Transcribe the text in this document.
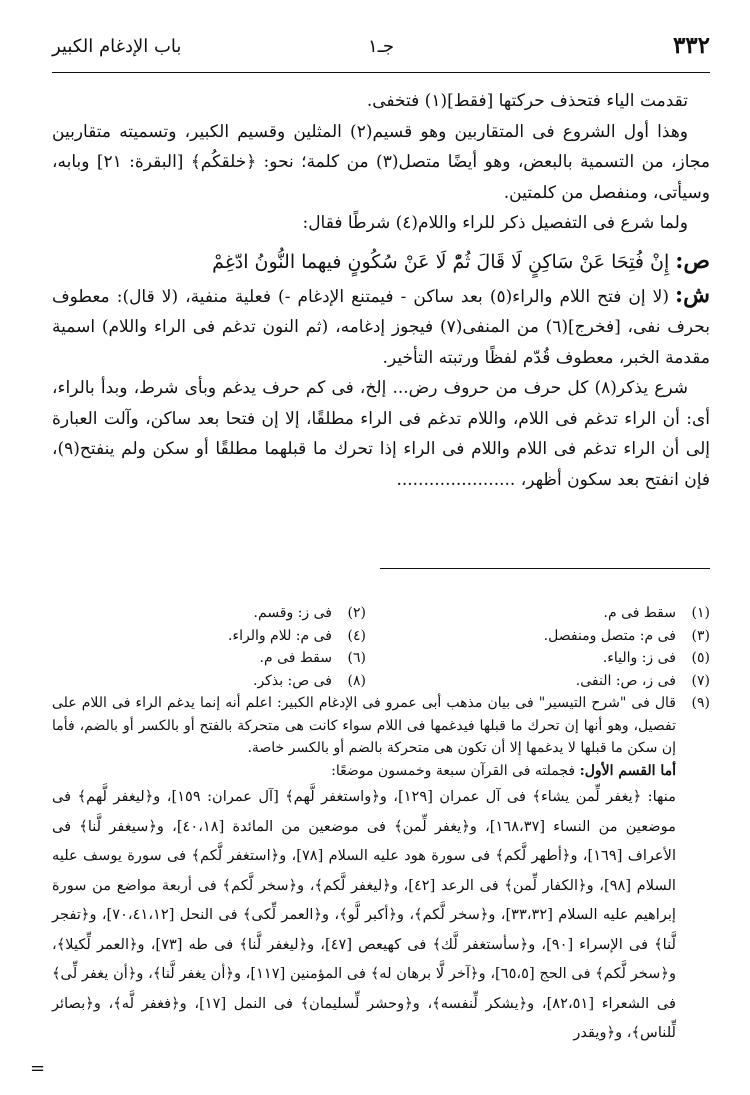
٣٣٢
جـ١
باب الإدغام الكبير

تقدمت الياء فتحذف حركتها [فقط](١) فتخفى.

وهذا أول الشروع فى المتقاربين وهو قسيم(٢) المثلين وقسيم الكبير، وتسميته متقاربين مجاز، من التسمية بالبعض، وهو أيضًا متصل(٣) من كلمة؛ نحو: ﴿خلقكُم﴾ [البقرة: ٢١] وبابه، وسيأتى، ومنفصل من كلمتين.

ولما شرع فى التفصيل ذكر للراء واللام(٤) شرطًا فقال:

ص:إِنْ فُتِحَا عَنْ سَاكِنٍ لَا قَالَ ثُمّْ لَا عَنْ سُكُونٍ فيهما النُّونُ ادّغِمْ

ش:(لا إن فتح اللام والراء(٥) بعد ساكن - فيمتنع الإدغام -) فعلية منفية، (لا قال): معطوف بحرف نفى، [فخرج](٦) من المنفى(٧) فيجوز إدغامه، (ثم النون تدغم فى الراء واللام) اسمية مقدمة الخبر، معطوف قُدّم لفظًا ورتبته التأخير.

شرع يذكر(٨) كل حرف من حروف رض... إلخ، فى كم حرف يدغم وبأى شرط، وبدأ بالراء، أى: أن الراء تدغم فى اللام، واللام تدغم فى الراء مطلقًا، إلا إن فتحا بعد ساكن، وآلت العبارة إلى أن الراء تدغم فى اللام واللام فى الراء إذا تحرك ما قبلهما مطلقًا أو سكن ولم ينفتح(٩)، فإن انفتح بعد سكون أظهر، ......................

(١)
سقط فى م.
(٢)
فى ز: وقسم.
(٣)
فى م: متصل ومنفصل.
(٤)
فى م: للام والراء.
(٥)
فى ز: والياء.
(٦)
سقط فى م.
(٧)
فى ز، ص: النفى.
(٨)
فى ص: بذكر.
(٩)

قال فى "شرح التيسير" فى بيان مذهب أبى عمرو فى الإدغام الكبير: اعلم أنه إنما يدغم الراء فى اللام على تفصيل، وهو أنها إن تحرك ما قبلها فيدغمها فى اللام سواء كانت هى متحركة بالفتح أو بالكسر أو بالضم، فأما إن سكن ما قبلها لا يدغمها إلا أن تكون هى متحركة بالضم أو بالكسر خاصة.

أما القسم الأول: فجملته فى القرآن سبعة وخمسون موضعًا:

منها: ﴿يغفر لِّمن يشاء﴾ فى آل عمران [١٢٩]، و﴿واستغفر لَّهم﴾ [آل عمران: ١٥٩]، و﴿ليغفر لَّهم﴾ فى موضعين من النساء [١٦٨،٣٧]، و﴿يغفر لِّمن﴾ فى موضعين من المائدة [٤٠،١٨]، و﴿سيغفر لَّنا﴾ فى الأعراف [١٦٩]، و﴿أطهر لَّكم﴾ فى سورة هود عليه السلام [٧٨]، و﴿استغفر لَّكم﴾ فى سورة يوسف عليه السلام [٩٨]، و﴿الكفار لِّمن﴾ فى الرعد [٤٢]، و﴿ليغفر لَّكم﴾، و﴿سخر لَّكم﴾ فى أربعة مواضع من سورة إبراهيم عليه السلام [٣٣،٣٢]، و﴿سخر لَّكم﴾، و﴿أكبر لَّو﴾، و﴿العمر لِّكى﴾ فى النحل [٧٠،٤١،١٢]، و﴿تفجر لَّنا﴾ فى الإسراء [٩٠]، و﴿سأستغفر لَّك﴾ فى كهيعص [٤٧]، و﴿ليغفر لَّنا﴾ فى طه [٧٣]، و﴿العمر لِّكيلا﴾، و﴿سخر لَّكم﴾ فى الحج [٦٥،٥]، و﴿آخر لَّا برهان له﴾ فى المؤمنين [١١٧]، و﴿أن يغفر لَّنا﴾، و﴿أن يغفر لِّى﴾ فى الشعراء [٨٢،٥١]، و﴿يشكر لِّنفسه﴾، و﴿وحشر لِّسليمان﴾ فى النمل [١٧]، و﴿فغفر لَّه﴾، و﴿بصائر لِّلناس﴾، و﴿ويقدر

=
